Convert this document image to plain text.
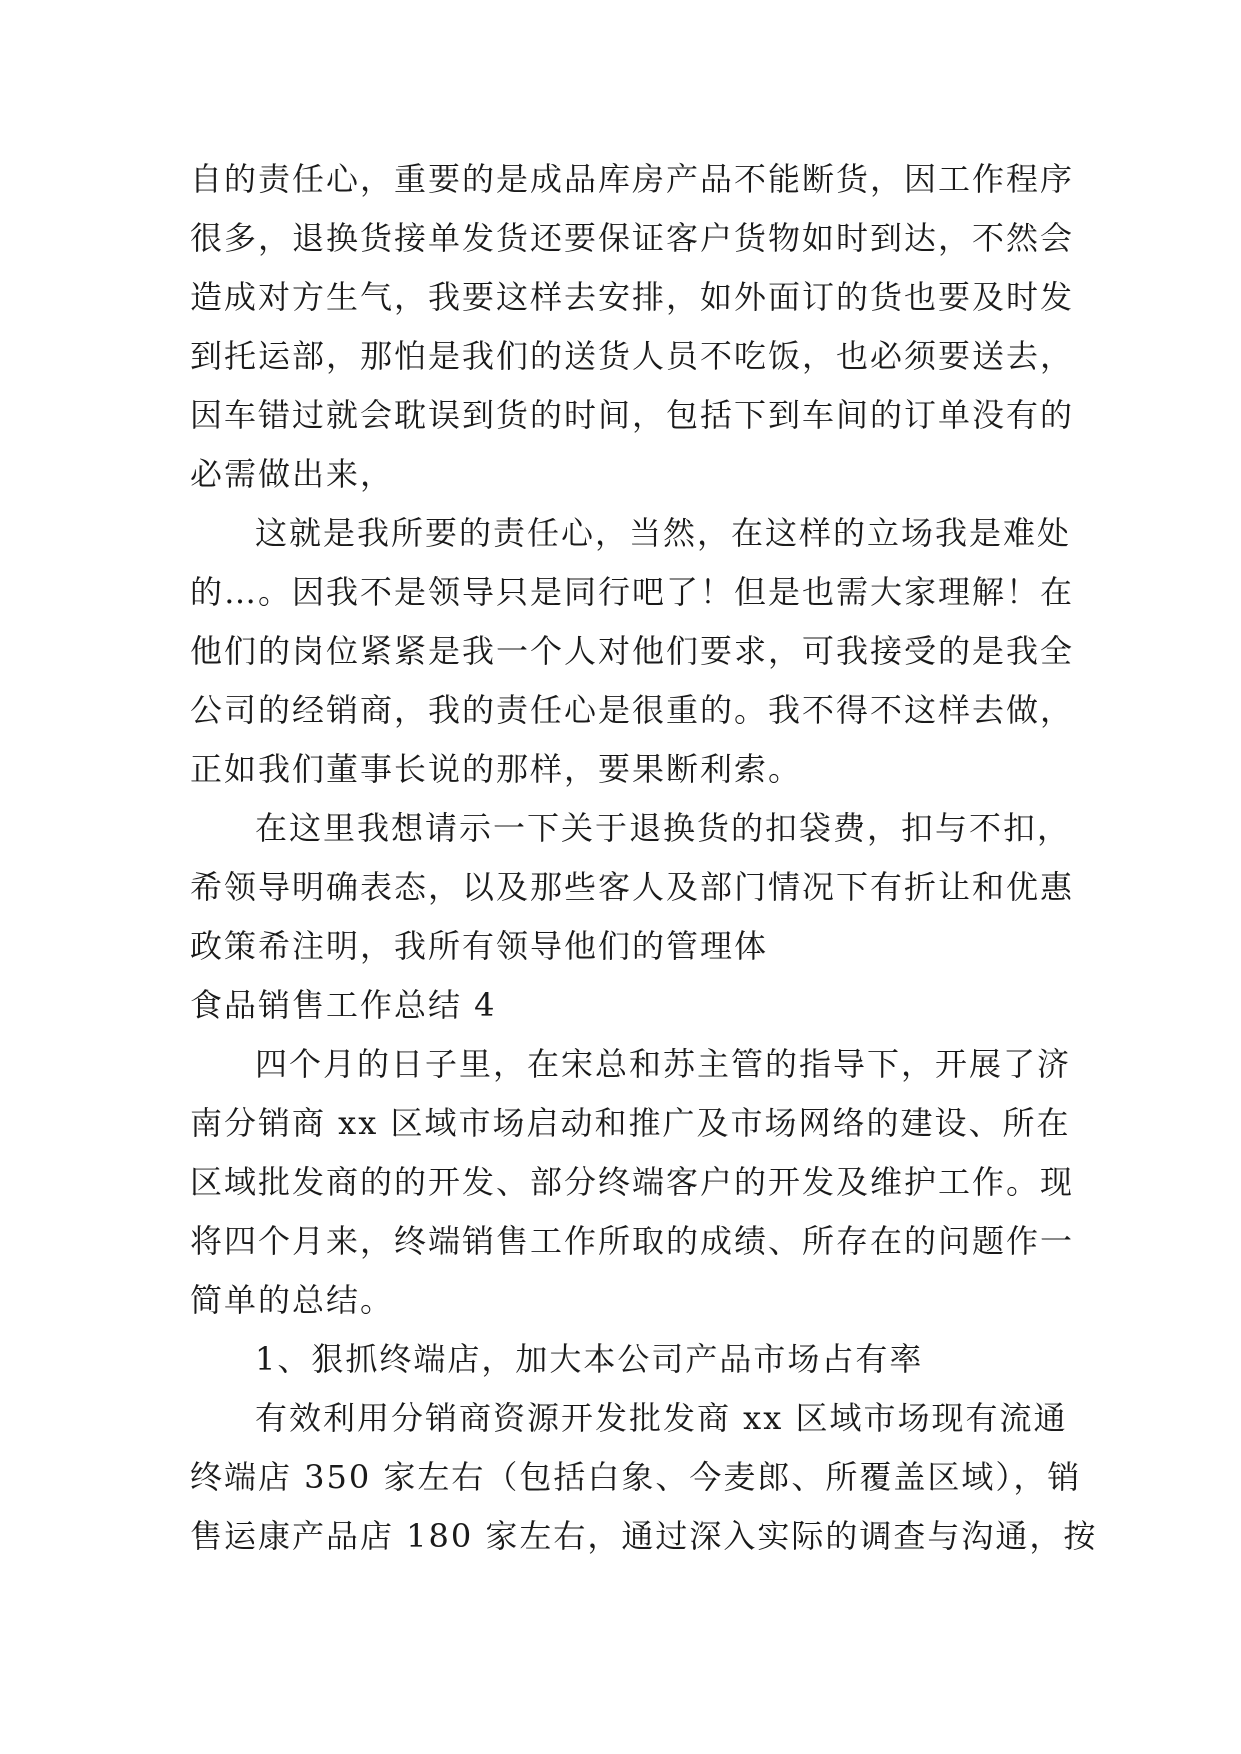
自的责任心，重要的是成品库房产品不能断货，因工作程序
很多，退换货接单发货还要保证客户货物如时到达，不然会
造成对方生气，我要这样去安排，如外面订的货也要及时发
到托运部，那怕是我们的送货人员不吃饭，也必须要送去，
因车错过就会耽误到货的时间，包括下到车间的订单没有的
必需做出来，
这就是我所要的责任心，当然，在这样的立场我是难处
的…。因我不是领导只是同行吧了！但是也需大家理解！在
他们的岗位紧紧是我一个人对他们要求，可我接受的是我全
公司的经销商，我的责任心是很重的。我不得不这样去做，
正如我们董事长说的那样，要果断利索。
在这里我想请示一下关于退换货的扣袋费，扣与不扣，
希领导明确表态，以及那些客人及部门情况下有折让和优惠
政策希注明，我所有领导他们的管理体
食品销售工作总结 4
四个月的日子里，在宋总和苏主管的指导下，开展了济
南分销商 xx 区域市场启动和推广及市场网络的建设、所在
区域批发商的的开发、部分终端客户的开发及维护工作。现
将四个月来，终端销售工作所取的成绩、所存在的问题作一
简单的总结。
1、狠抓终端店，加大本公司产品市场占有率
有效利用分销商资源开发批发商 xx 区域市场现有流通
终端店 350 家左右（包括白象、今麦郎、所覆盖区域），销
售运康产品店 180 家左右，通过深入实际的调查与沟通，按
